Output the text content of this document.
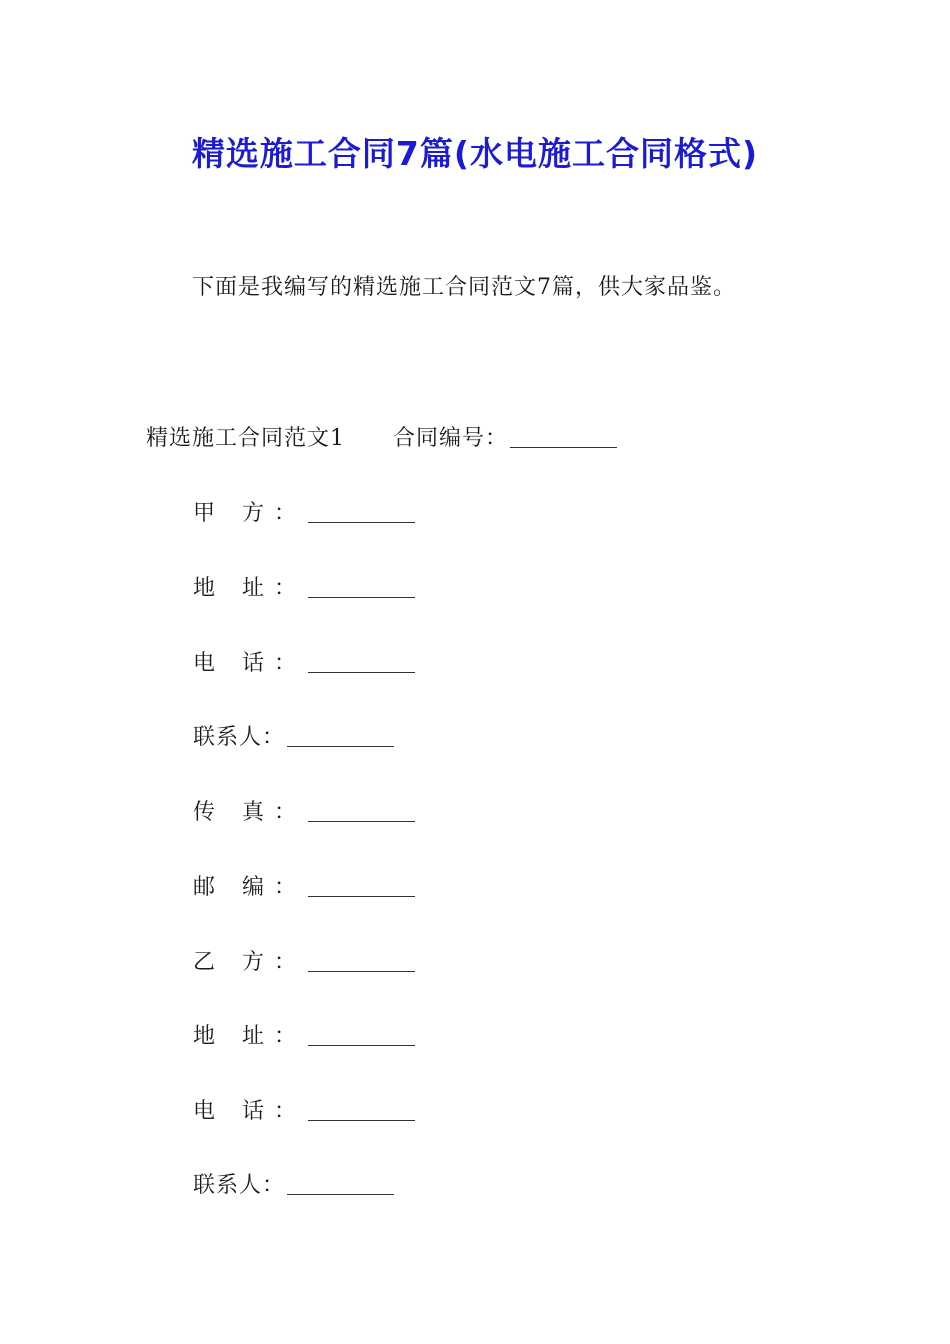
精选施工合同7篇(水电施工合同格式)
下面是我编写的精选施工合同范文7篇，供大家品鉴。
精选施工合同范文1 合同编号：
甲 方：
地 址：
电 话：
联系人：
传 真：
邮 编：
乙 方：
地 址：
电 话：
联系人：
